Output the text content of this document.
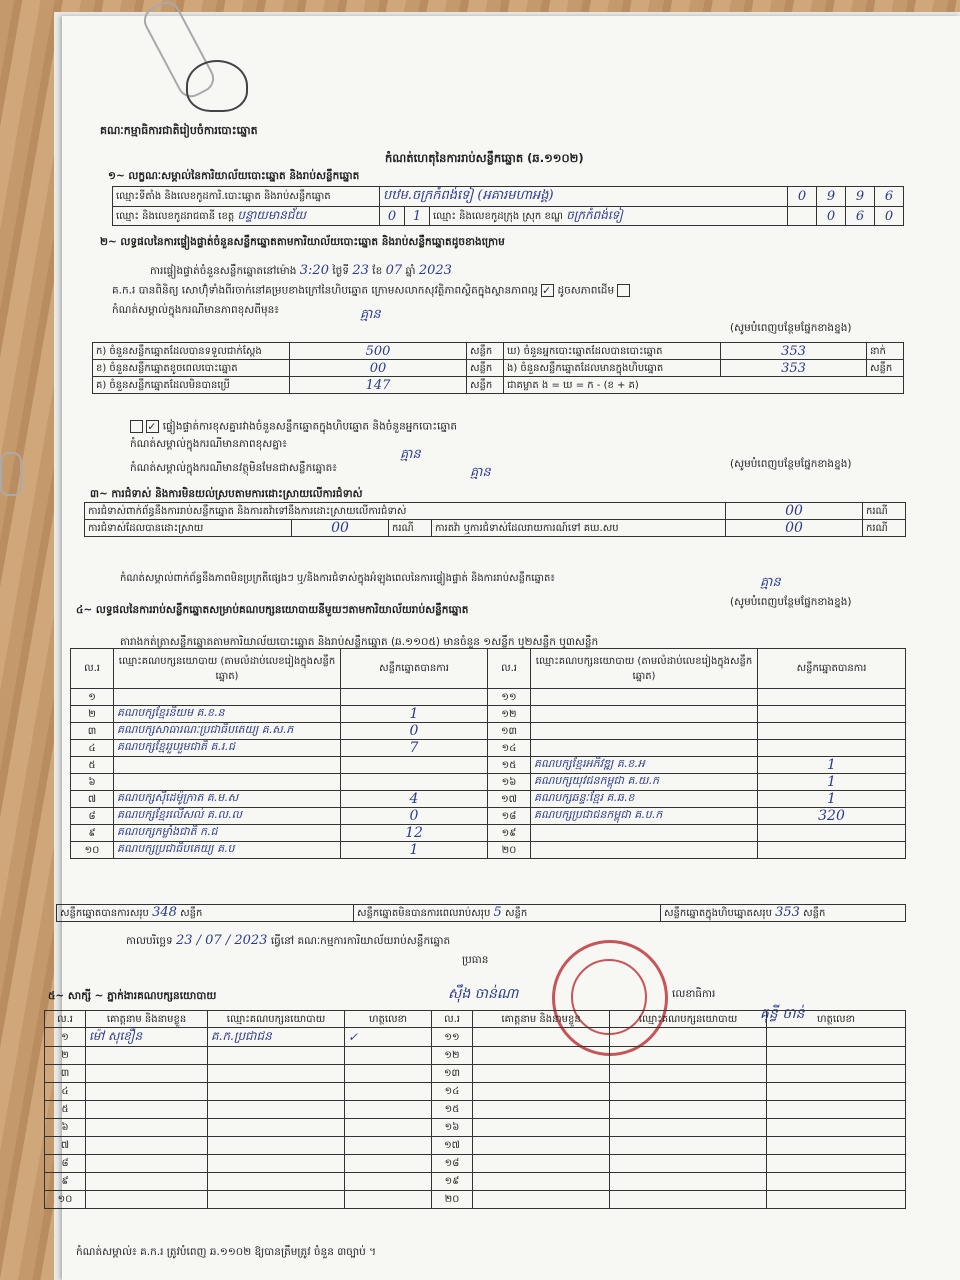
គណៈកម្មាធិការជាតិរៀបចំការបោះឆ្នោត
កំណត់ហេតុនៃការរាប់សន្លឹកឆ្នោត (ឆ.១១០២)
១~ លក្ខណៈសម្គាល់នៃការិយាល័យបោះឆ្នោត និងរាប់សន្លឹកឆ្នោត
ឈ្មោះទីតាំង និងលេខកូដការិ.បោះឆ្នោត និងរាប់សន្លឹកឆ្នោត	បឋម.ចក្រកំពង់ទៀ (អគារមហាអង្គ)			0	9	9	6
ឈ្មោះ និងលេខកូដរាជធានី ខេត្ត បន្ទាយមានជ័យ	0	1	ឈ្មោះ និងលេខកូដក្រុង ស្រុក ខណ្ឌ ចក្រកំពង់ទៀ		0	6	0
២~ លទ្ធផលនៃការផ្ទៀងផ្ទាត់ចំនួនសន្លឹកឆ្នោតតាមការិយាល័យបោះឆ្នោត និងរាប់សន្លឹកឆ្នោតដូចខាងក្រោម
ការផ្ទៀងផ្ទាត់ចំនួនសន្លឹកឆ្នោតនៅម៉ោង 3:20 ថ្ងៃទី 23 ខែ 07 ឆ្នាំ 2023
គ.ក.រ បានពិនិត្យ សោហ៊ុំទាំងពីរចាក់នៅគម្របខាងក្រៅនៃហិបឆ្នោត ក្រោមសលាកសុវត្ថិភាពស្ថិតក្នុងស្ថានភាពល្អ ✓ ដូចសភាពដើម
កំណត់សម្គាល់ក្នុងករណីមានភាពខុសពីមុន៖	គ្មាន
(សូមបំពេញបន្ថែមផ្នែកខាងខ្នង)
ក) ចំនួនសន្លឹកឆ្នោតដែលបានទទួលជាក់ស្តែង	500	សន្លឹក	ឃ) ចំនួនអ្នកបោះឆ្នោតដែលបានបោះឆ្នោត	353	នាក់
ខ) ចំនួនសន្លឹកឆ្នោតខូចពេលបោះឆ្នោត	00	សន្លឹក	ង) ចំនួនសន្លឹកឆ្នោតដែលមានក្នុងហិបឆ្នោត	353	សន្លឹក
គ) ចំនួនសន្លឹកឆ្នោតដែលមិនបានប្រើ	147	សន្លឹក	ជាគម្លាត ង = ឃ = ក - (ខ + គ)		
✓ ផ្ទៀងផ្ទាត់ការខុសគ្នារវាងចំនួនសន្លឹកឆ្នោតក្នុងហិបឆ្នោត និងចំនួនអ្នកបោះឆ្នោត
កំណត់សម្គាល់ក្នុងករណីមានភាពខុសគ្នា៖
គ្មាន
(សូមបំពេញបន្ថែមផ្នែកខាងខ្នង)
កំណត់សម្គាល់ក្នុងករណីមានវត្ថុមិនមែនជាសន្លឹកឆ្នោត៖	គ្មាន
៣~ ការជំទាស់ និងការមិនយល់ស្របតាមការដោះស្រាយលើការជំទាស់
ការជំទាស់ពាក់ព័ន្ធនឹងការរាប់សន្លឹកឆ្នោត និងការតវ៉ាទៅនឹងការដោះស្រាយលើការជំទាស់				00	ករណី
ការជំទាស់ដែលបានដោះស្រាយ	00	ករណី	ការតវ៉ា ឬការជំទាស់ដែលរាយការណ៍ទៅ គឃ.សប	00	ករណី
កំណត់សម្គាល់ពាក់ព័ន្ធនឹងភាពមិនប្រក្រតីផ្សេងៗ ឬ/និងការជំទាស់ក្នុងអំឡុងពេលនៃការផ្ទៀងផ្ទាត់ និងការរាប់សន្លឹកឆ្នោត៖	គ្មាន
(សូមបំពេញបន្ថែមផ្នែកខាងខ្នង)
៤~ លទ្ធផលនៃការរាប់សន្លឹកឆ្នោតសម្រាប់គណបក្សនយោបាយនីមួយៗតាមការិយាល័យរាប់សន្លឹកឆ្នោត
តារាងកត់ត្រាសន្លឹកឆ្នោតតាមការិយាល័យបោះឆ្នោត និងរាប់សន្លឹកឆ្នោត (ឆ.១១០៥) មានចំនួន ១សន្លឹក ឬ២សន្លឹក ឬ៣សន្លឹក
ល.រ	ឈ្មោះគណបក្សនយោបាយ (តាមលំដាប់លេខរៀងក្នុងសន្លឹកឆ្នោត)	សន្លឹកឆ្នោតបានការ	ល.រ	ឈ្មោះគណបក្សនយោបាយ (តាមលំដាប់លេខរៀងក្នុងសន្លឹកឆ្នោត)	សន្លឹកឆ្នោតបានការ
១			១១		
២	គណបក្សខ្មែរនិយម គ.ខ.ន	1	១២		
៣	គណបក្សសាធារណៈប្រជាធិបតេយ្យ គ.ស.ភ	0	១៣		
៤	គណបក្សខ្មែររួបរួមជាតិ គ.រ.ជ	7	១៤		
៥			១៥	គណបក្សខ្មែរអភិវឌ្ឍ គ.ខ.អ	1
៦			១៦	គណបក្សយុវជនកម្ពុជា គ.យ.ក	1
៧	គណបក្សស៊ីដេម៉ូក្រាត គ.ម.ស	4	១៧	គណបក្សឆន្ទៈខ្មែរ គ.ឆ.ខ	1
៨	គណបក្សខ្មែរលើសល់ គ.ល.ល	0	១៨	គណបក្សប្រជាជនកម្ពុជា គ.ប.ក	320
៩	គណបក្សកម្លាំងជាតិ ក.ជ	12	១៩		
១០	គណបក្សប្រជាធិបតេយ្យ គ.ប	1	២០		
សន្លឹកឆ្នោតបានការសរុប 348 សន្លឹក	សន្លឹកឆ្នោតមិនបានការពេលរាប់សរុប 5 សន្លឹក	សន្លឹកឆ្នោតក្នុងហិបឆ្នោតសរុប 353 សន្លឹក
កាលបរិច្ឆេទ 23 / 07 / 2023 ធ្វើនៅ គណៈកម្មការការិយាល័យរាប់សន្លឹកឆ្នោត
ប្រធាន
ស៊ឹង ចាន់ណា	លេខាធិការ
គុន្ធី ចាន់
៥~ សាក្សី ~ ភ្នាក់ងារគណបក្សនយោបាយ
ល.រ	គោត្តនាម និងនាមខ្លួន	ឈ្មោះគណបក្សនយោបាយ	ហត្ថលេខា	ល.រ	គោត្តនាម និងនាមខ្លួន	ឈ្មោះគណបក្សនយោបាយ	ហត្ថលេខា
១	ម៉ៅ សុខឿន	គ.ក.ប្រជាជន	✓	១១			
២				១២			
៣				១៣			
៤				១៤			
៥				១៥			
៦				១៦			
៧				១៧			
៨				១៨			
៩				១៩			
១០				២០			
កំណត់សម្គាល់៖ គ.ក.រ ត្រូវបំពេញ ឆ.១១០២ ឱ្យបានត្រឹមត្រូវ ចំនួន ៣ច្បាប់ ។
